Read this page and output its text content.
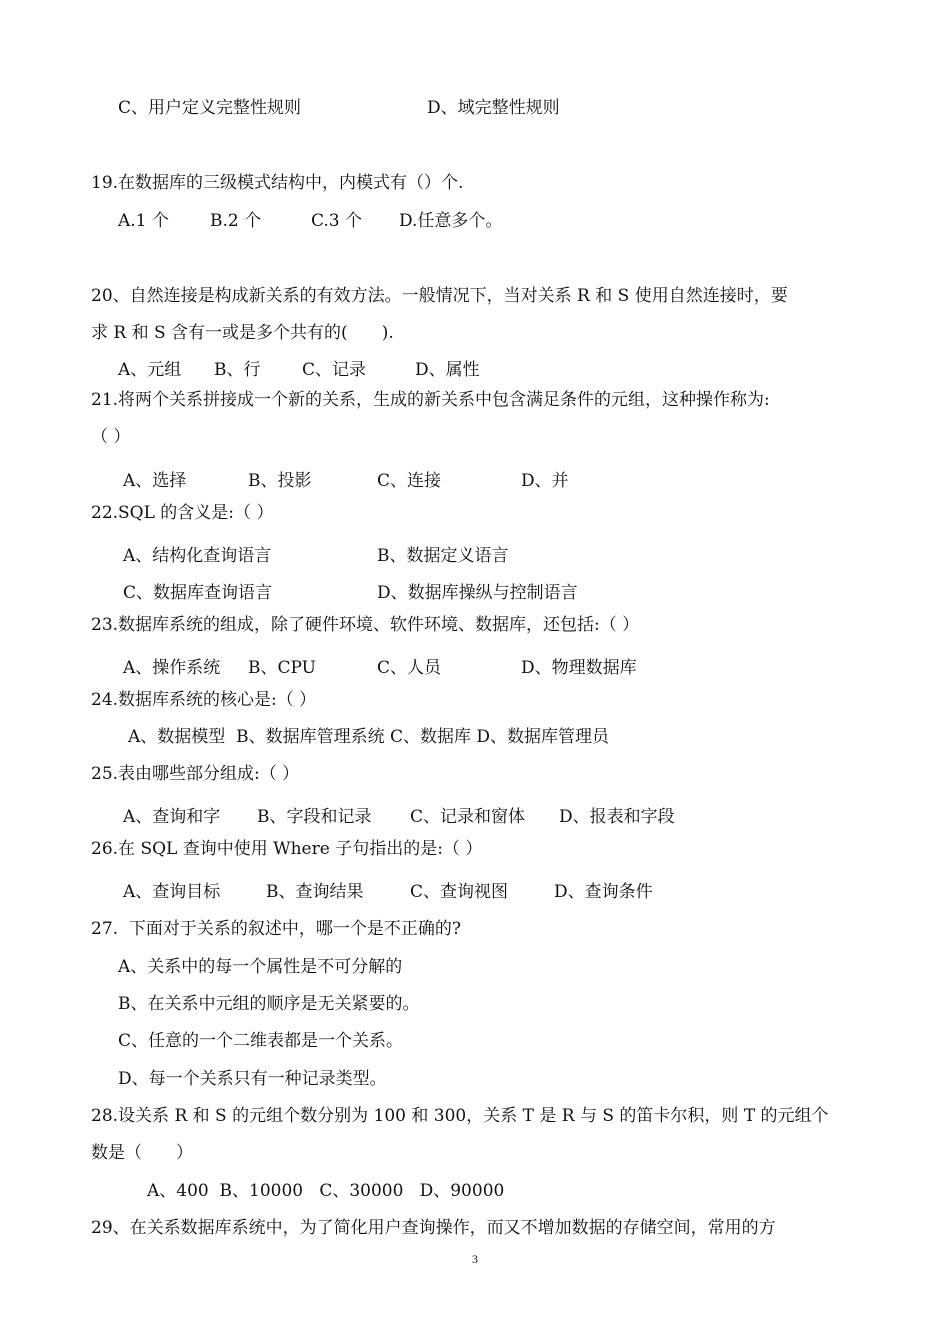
C、用户定义完整性规则	D、域完整性规则
19.在数据库的三级模式结构中，内模式有（）个.
A.1 个 B.2 个	C.3 个 D.任意多个。
20、自然连接是构成新关系的有效方法。一般情况下，当对关系 R 和 S 使用自然连接时，要
求 R 和 S 含有一或是多个共有的(　　).
A、元组 B、行 C、记录	D、属性
21.将两个关系拼接成一个新的关系，生成的新关系中包含满足条件的元组，这种操作称为:
（ ）
A、选择	B、投影	C、连接	D、并
22.SQL 的含义是:（ ）
A、结构化查询语言	B、数据定义语言
C、数据库查询语言	D、数据库操纵与控制语言
23.数据库系统的组成，除了硬件环境、软件环境、数据库，还包括:（ ）
A、操作系统 B、CPU	C、人员	D、物理数据库
24.数据库系统的核心是:（ ）
A、数据模型  B、数据库管理系统 C、数据库 D、数据库管理员
25.表由哪些部分组成:（ ）
A、查询和字 B、字段和记录 C、记录和窗体 D、报表和字段
26.在 SQL 查询中使用 Where 子句指出的是:（ ）
A、查询目标	B、查询结果	C、查询视图	D、查询条件
27.  下面对于关系的叙述中，哪一个是不正确的?
A、关系中的每一个属性是不可分解的
B、在关系中元组的顺序是无关紧要的。
C、任意的一个二维表都是一个关系。
D、每一个关系只有一种记录类型。
28.设关系 R 和 S 的元组个数分别为 100 和 300，关系 T 是 R 与 S 的笛卡尔积，则 T 的元组个
数是（　　）
A、400  B、10000   C、30000   D、90000
29、在关系数据库系统中，为了简化用户查询操作，而又不增加数据的存储空间，常用的方
3
